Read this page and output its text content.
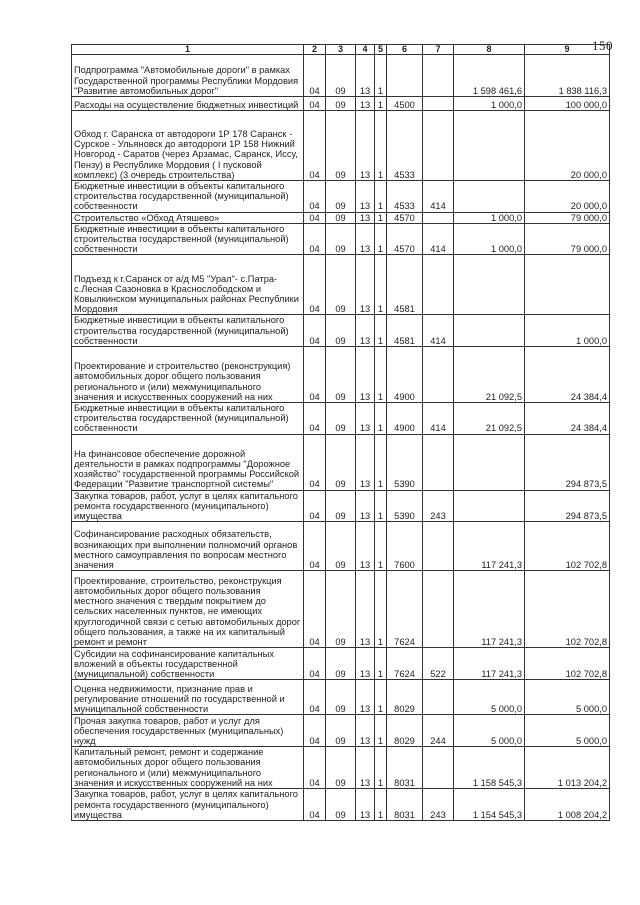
150
1	2	3	4	5	6	7	8	9
Подпрограмма "Автомобильные дороги" в рамках Государственной программы Республики Мордовия "Развитие автомобильных дорог"	04	09	13	1			1 598 461,6	1 838 116,3
Расходы на осуществление бюджетных инвестиций	04	09	13	1	4500		1 000,0	100 000,0
Обход г. Саранска от автодороги 1Р 178 Саранск - Сурское - Ульяновск до автодороги 1Р 158 Нижний Новгород - Саратов (через Арзамас, Саранск, Иссу, Пензу) в Республике Мордовия ( I пусковой комплекс) (3 очередь строительства)	04	09	13	1	4533			20 000,0
Бюджетные инвестиции в объекты капитального строительства государственной (муниципальной) собственности	04	09	13	1	4533	414		20 000,0
Строительство «Обход Атяшево»	04	09	13	1	4570		1 000,0	79 000,0
Бюджетные инвестиции в объекты капитального строительства государственной (муниципальной) собственности	04	09	13	1	4570	414	1 000,0	79 000,0
Подъезд к г.Саранск от а/д М5 "Урал"- с.Патра-с.Лесная Сазоновка в Краснослободском и Ковылкинском муниципальных районах Республики Мордовия	04	09	13	1	4581			
Бюджетные инвестиции в объекты капитального строительства государственной (муниципальной) собственности	04	09	13	1	4581	414		1 000,0
Проектирование и строительство (реконструкция) автомобильных дорог общего пользования регионального и (или) межмуниципального значения и искусственных сооружений на них	04	09	13	1	4900		21 092,5	24 384,4
Бюджетные инвестиции в объекты капитального строительства государственной (муниципальной) собственности	04	09	13	1	4900	414	21 092,5	24 384,4
На финансовое обеспечение дорожной деятельности в рамках подпрограммы "Дорожное хозяйство" государственной программы Российской Федерации "Развитие транспортной системы"	04	09	13	1	5390			294 873,5
Закупка товаров, работ, услуг в целях капитального ремонта государственного (муниципального) имущества	04	09	13	1	5390	243		294 873,5
Софинансирование расходных обязательств, возникающих при выполнении полномочий органов местного самоуправления по вопросам местного значения	04	09	13	1	7600		117 241,3	102 702,8
Проектирование, строительство, реконструкция автомобильных дорог общего пользования местного значения с твердым покрытием до сельских населенных пунктов, не имеющих круглогодичной связи с сетью автомобильных дорог общего пользования, а также на их капитальный ремонт и ремонт	04	09	13	1	7624		117 241,3	102 702,8
Субсидии на софинансирование капитальных вложений в объекты государственной (муниципальной) собственности	04	09	13	1	7624	522	117 241,3	102 702,8
Оценка недвижимости, признание прав и регулирование отношений по государственной и муниципальной собственности	04	09	13	1	8029		5 000,0	5 000,0
Прочая закупка товаров, работ и услуг для обеспечения государственных (муниципальных) нужд	04	09	13	1	8029	244	5 000,0	5 000,0
Капитальный ремонт, ремонт и содержание автомобильных дорог общего пользования регионального и (или) межмуниципального значения и искусственных сооружений на них	04	09	13	1	8031		1 158 545,3	1 013 204,2
Закупка товаров, работ, услуг в целях капитального ремонта государственного (муниципального) имущества	04	09	13	1	8031	243	1 154 545,3	1 008 204,2
